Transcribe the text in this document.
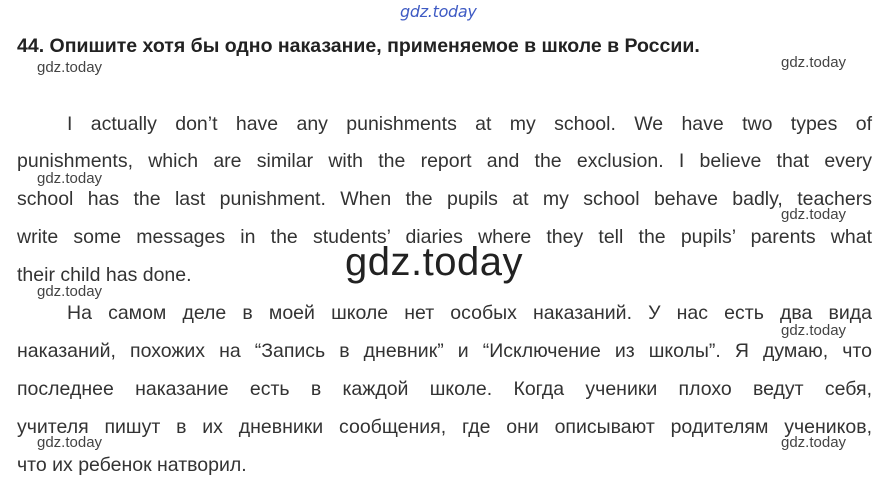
gdz.today
44. Опишите хотя бы одно наказание, применяемое в школе в России.
gdz.today	gdz.today
I actually don’t have any punishments at my school. We have two types of
punishments, which are similar with the report and the exclusion. I believe that every
school has the last punishment. When the pupils at my school behave badly, teachers
write some messages in the students’ diaries where they tell the pupils’ parents what
their child has done.
gdz.today
gdz.today
gdz.today
gdz.today
На самом деле в моей школе нет особых наказаний. У нас есть два вида
наказаний, похожих на “Запись в дневник” и “Исключение из школы”. Я думаю, что
последнее наказание есть в каждой школе. Когда ученики плохо ведут себя,
учителя пишут в их дневники сообщения, где они описывают родителям учеников,
что их ребенок натворил.
gdz.today
gdz.today	gdz.today
